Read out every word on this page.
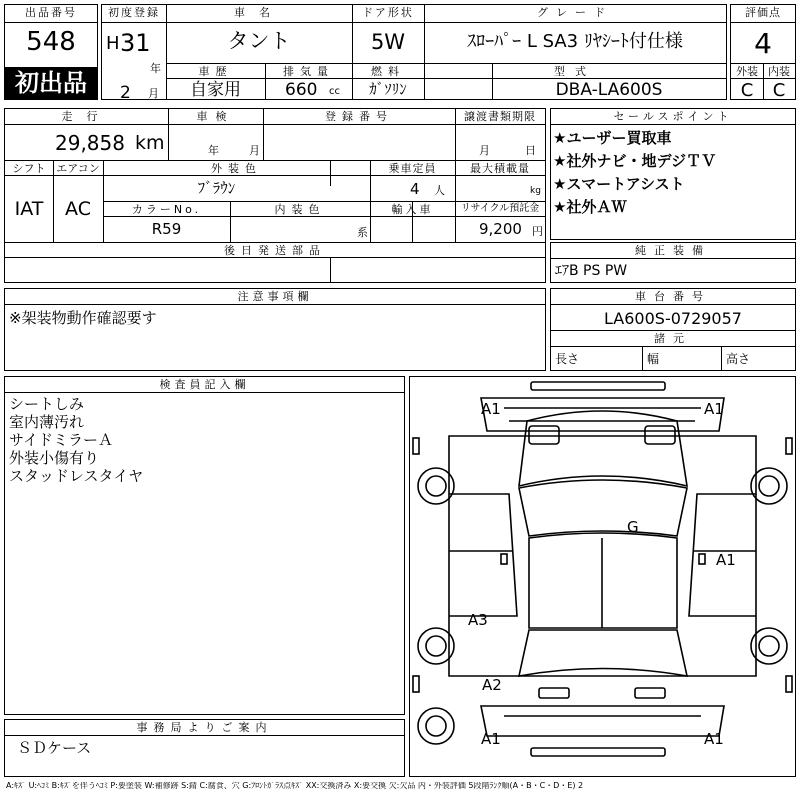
出品番号
548
初出品
初度登録
H 31
年
2 月
車名
タント
車歴
自家用
排気量
660 cc
ドア形状
5W
燃料
ｶﾞｿﾘﾝ
グレード
ｽﾛｰﾊﾟｰ L SA3 ﾘﾔｼｰﾄ付仕様
型式
DBA-LA600S
評価点
4
外装 内装
C	C
走行
29,858 km
車検
年	月
登録番号	譲渡書類期限
月	日
シフト エアコン
IAT	AC
外装色
ﾌﾞﾗｳﾝ
乗車定員
4 人
最大積載量
kg
カラーNo.
R59
内装色
系
輸入車	リサイクル預託金
9,200 円
後日発送部品
セールスポイント
★ユーザー買取車
★社外ナビ・地デジＴＶ
★スマートアシスト
★社外ＡＷ
純正装備
ｴｱB PS PW
注意事項欄
※架装物動作確認要す
車台番号
LA600S-0729057
諸元
長さ	幅	高さ
検査員記入欄
シートしみ
室内薄汚れ
サイドミラーＡ
外装小傷有り
スタッドレスタイヤ
事務局よりご案内
ＳＤケース
A1	A1
G
A1
A3
A2
A1	A1
A:ｷｽﾞ U:ﾍｺﾐ B:ｷｽﾞを伴うﾍｺﾐ P:要塗装 W:補修跡 S:錆 C:腐食、穴 G:ﾌﾛﾝﾄｶﾞﾗｽ点ｷｽﾞ XX:交換済み X:要交換 欠:欠品 内・外装評価 5段階ﾗﾝｸ順(A・B・C・D・E) 2
